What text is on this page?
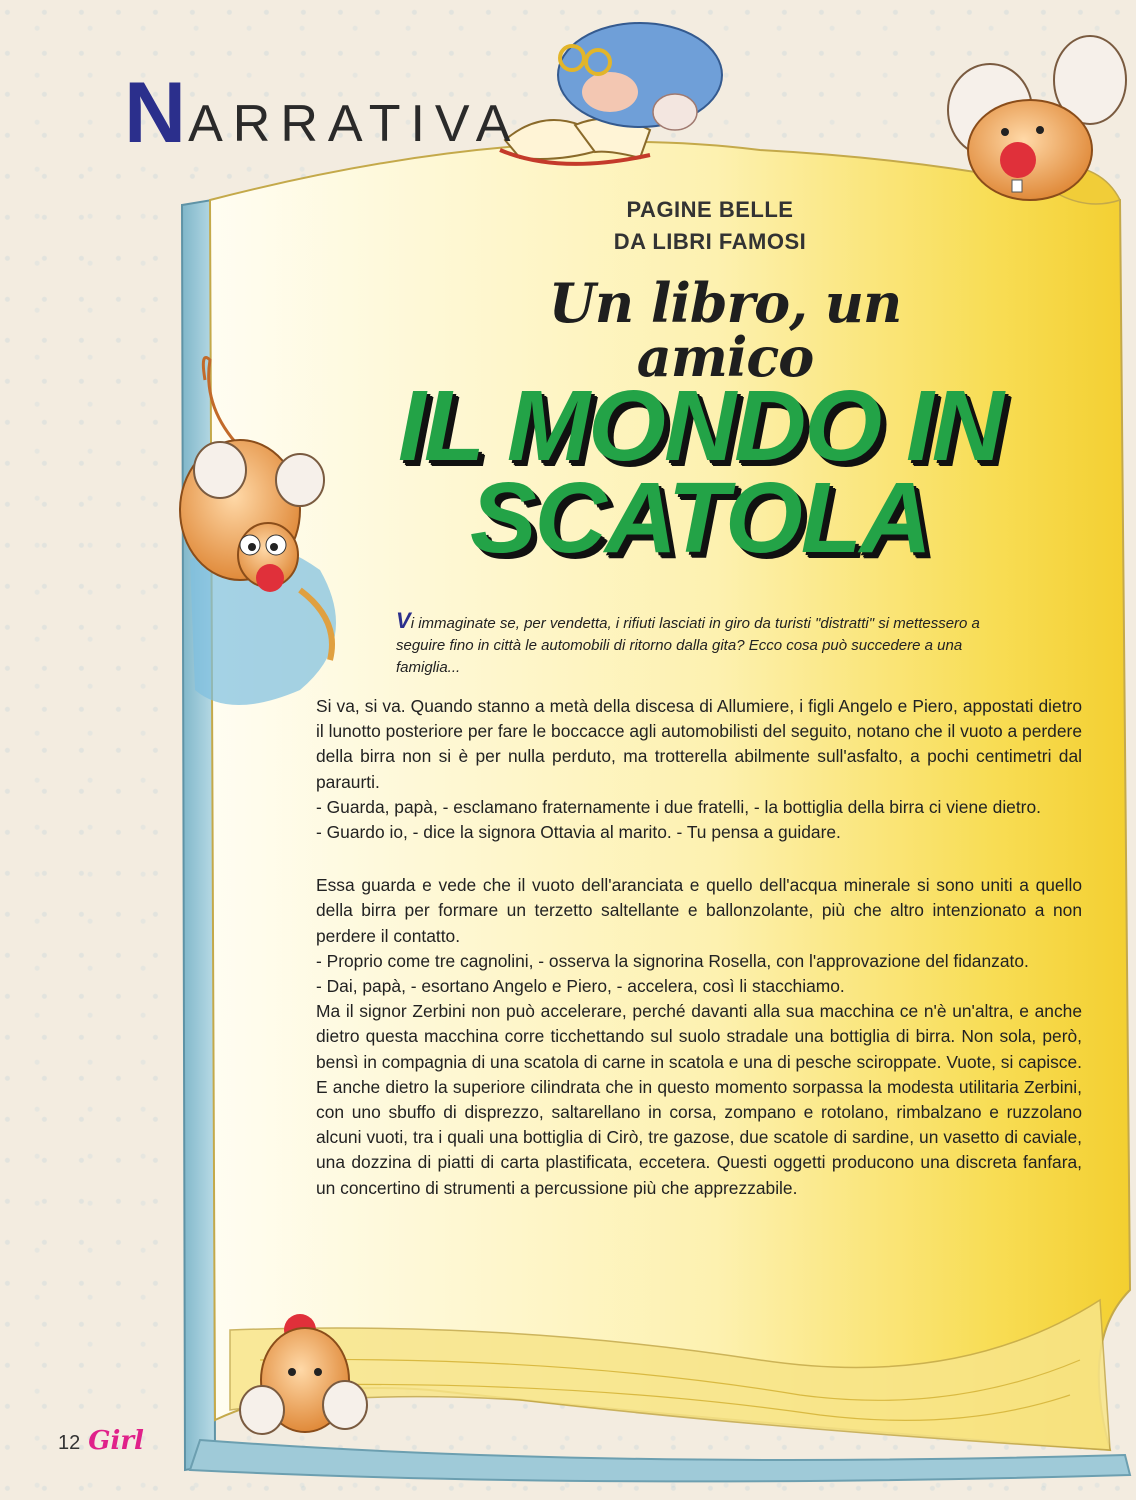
N ARRATIVA
PAGINE BELLE
DA LIBRI FAMOSI
Un libro, un amico
IL MONDO IN
SCATOLA
Vi immaginate se, per vendetta, i rifiuti lasciati in giro da turisti "distratti" si mettessero a seguire fino in città le automobili di ritorno dalla gita? Ecco cosa può succedere a una famiglia...

Si va, si va. Quando stanno a metà della discesa di Allumiere, i figli Angelo e Piero, appostati dietro il lunotto posteriore per fare le boccacce agli automobilisti del seguito, notano che il vuoto a perdere della birra non si è per nulla perduto, ma trotterella abilmente sull'asfalto, a pochi centimetri dal paraurti.

- Guarda, papà, - esclamano fraternamente i due fratelli, - la bottiglia della birra ci viene dietro.

- Guardo io, - dice la signora Ottavia al marito. - Tu pensa a guidare.

Essa guarda e vede che il vuoto dell'aranciata e quello dell'acqua minerale si sono uniti a quello della birra per formare un terzetto saltellante e ballonzolante, più che altro intenzionato a non perdere il contatto.

- Proprio come tre cagnolini, - osserva la signorina Rosella, con l'approvazione del fidanzato.

- Dai, papà, - esortano Angelo e Piero, - accelera, così li stacchiamo.

Ma il signor Zerbini non può accelerare, perché davanti alla sua macchina ce n'è un'altra, e anche dietro questa macchina corre ticchettando sul suolo stradale una bottiglia di birra. Non sola, però, bensì in compagnia di una scatola di carne in scatola e una di pesche sciroppate. Vuote, si capisce. E anche dietro la superiore cilindrata che in questo momento sorpassa la modesta utilitaria Zerbini, con uno sbuffo di disprezzo, saltarellano in corsa, zompano e rotolano, rimbalzano e ruzzolano alcuni vuoti, tra i quali una bottiglia di Cirò, tre gazose, due scatole di sardine, un vasetto di caviale, una dozzina di piatti di carta plastificata, eccetera. Questi oggetti producono una discreta fanfara, un concertino di strumenti a percussione più che apprezzabile.

12 Girl
